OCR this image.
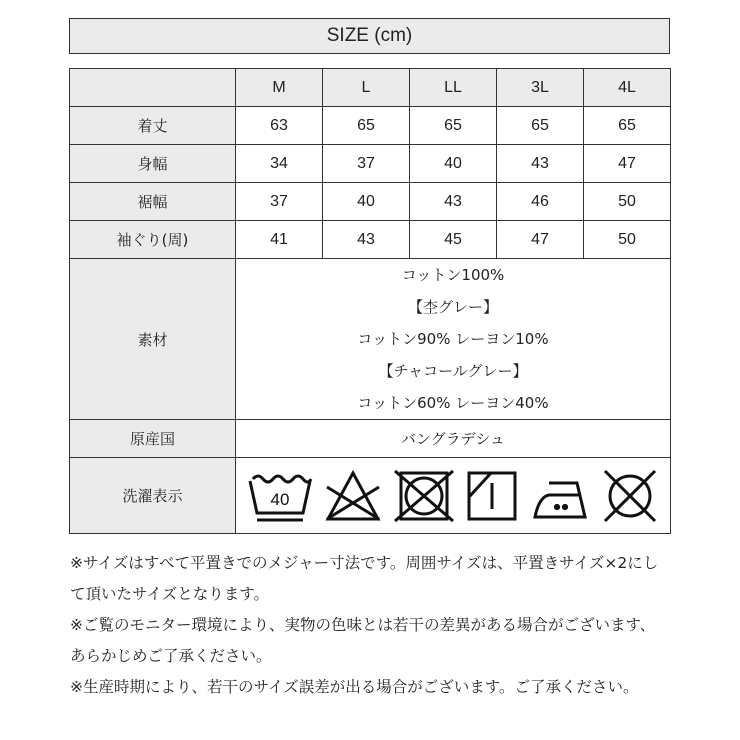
SIZE (cm)
	M	L	LL	3L	4L
着丈	63	65	65	65	65
身幅	34	37	40	43	47
裾幅	37	40	43	46	50
袖ぐり(周)	41	43	45	47	50
素材	コットン100%
【杢グレー】
コットン90% レーヨン10%
【チャコールグレー】
コットン60% レーヨン40%				

原産国	バングラデシュ				
洗濯表示	40				
※サイズはすべて平置きでのメジャー寸法です。周囲サイズは、平置きサイズ×2にして頂いたサイズとなります。
※ご覧のモニター環境により、実物の色味とは若干の差異がある場合がございます、あらかじめご了承ください。
※生産時期により、若干のサイズ誤差が出る場合がございます。ご了承ください。
